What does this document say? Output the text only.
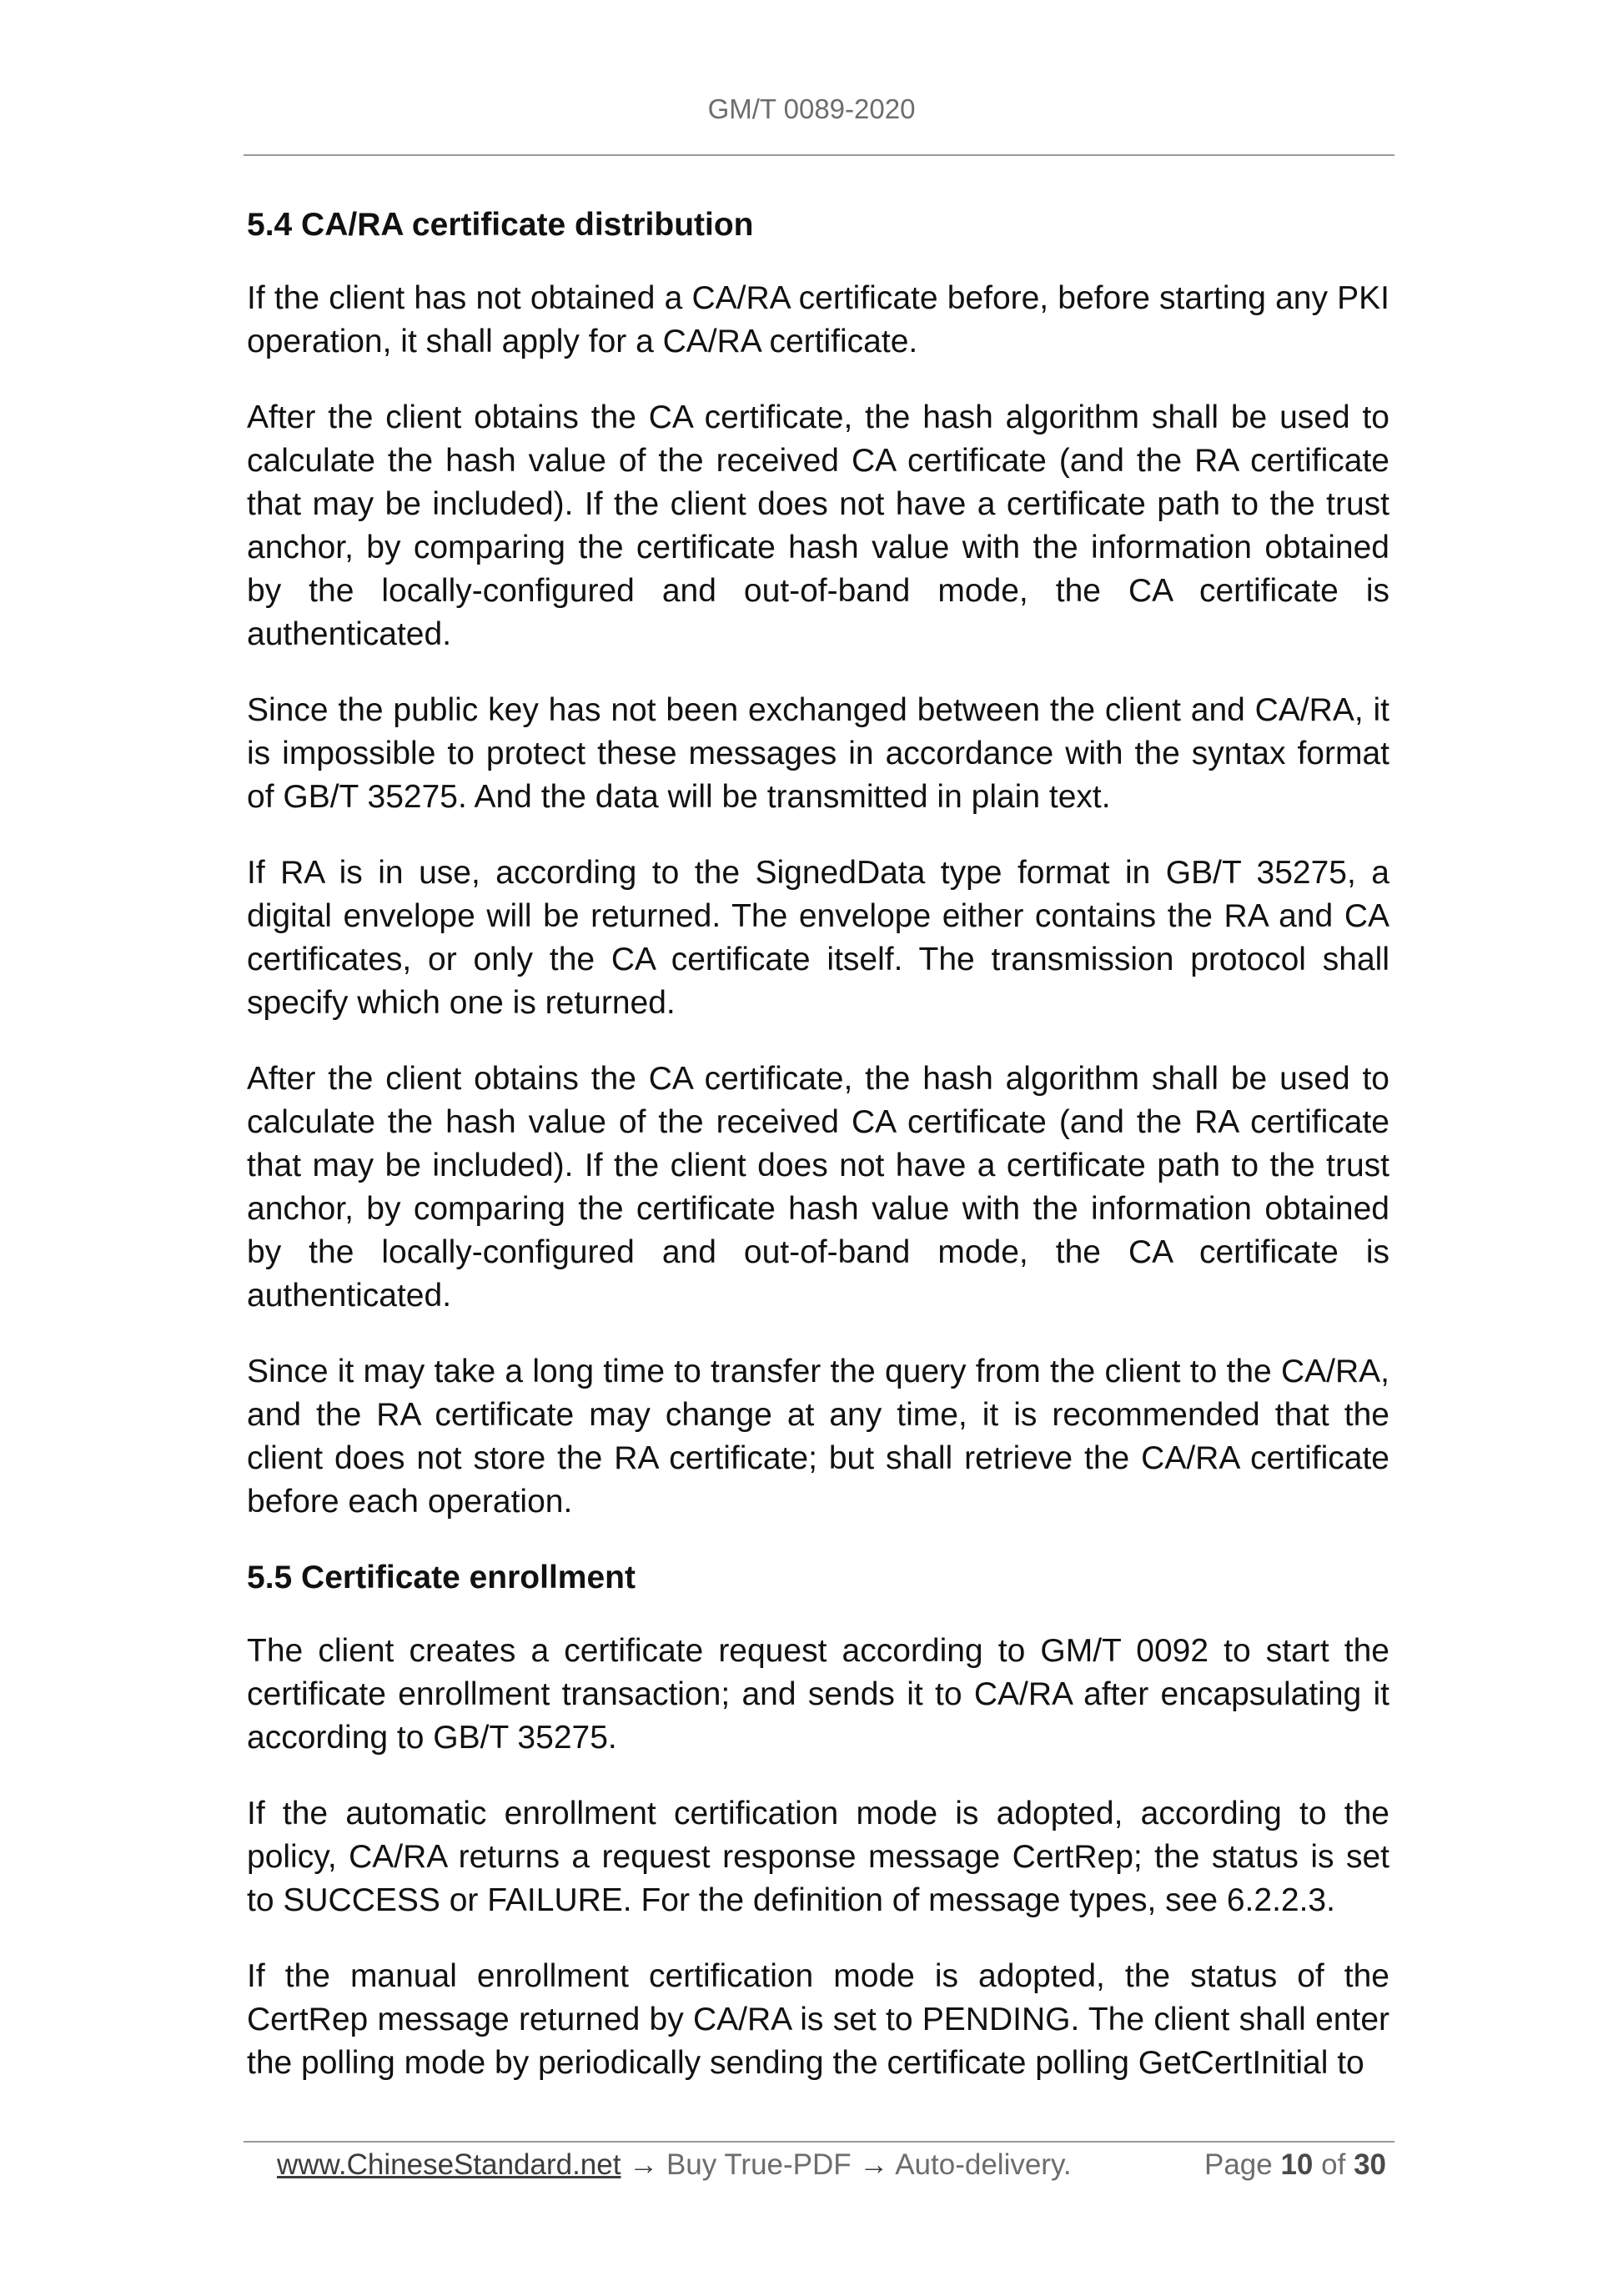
GM/T 0089-2020
5.4 CA/RA certificate distribution
If the client has not obtained a CA/RA certificate before, before starting any PKI operation, it shall apply for a CA/RA certificate.
After the client obtains the CA certificate, the hash algorithm shall be used to calculate the hash value of the received CA certificate (and the RA certificate that may be included). If the client does not have a certificate path to the trust anchor, by comparing the certificate hash value with the information obtained by the locally-configured and out-of-band mode, the CA certificate is authenticated.
Since the public key has not been exchanged between the client and CA/RA, it is impossible to protect these messages in accordance with the syntax format of GB/T 35275. And the data will be transmitted in plain text.
If RA is in use, according to the SignedData type format in GB/T 35275, a digital envelope will be returned. The envelope either contains the RA and CA certificates, or only the CA certificate itself. The transmission protocol shall specify which one is returned.
After the client obtains the CA certificate, the hash algorithm shall be used to calculate the hash value of the received CA certificate (and the RA certificate that may be included). If the client does not have a certificate path to the trust anchor, by comparing the certificate hash value with the information obtained by the locally-configured and out-of-band mode, the CA certificate is authenticated.
Since it may take a long time to transfer the query from the client to the CA/RA, and the RA certificate may change at any time, it is recommended that the client does not store the RA certificate; but shall retrieve the CA/RA certificate before each operation.
5.5 Certificate enrollment
The client creates a certificate request according to GM/T 0092 to start the certificate enrollment transaction; and sends it to CA/RA after encapsulating it according to GB/T 35275.
If the automatic enrollment certification mode is adopted, according to the policy, CA/RA returns a request response message CertRep; the status is set to SUCCESS or FAILURE. For the definition of message types, see 6.2.2.3.
If the manual enrollment certification mode is adopted, the status of the CertRep message returned by CA/RA is set to PENDING. The client shall enter the polling mode by periodically sending the certificate polling GetCertInitial to
www.ChineseStandard.net → Buy True-PDF → Auto-delivery.	Page 10 of 30
